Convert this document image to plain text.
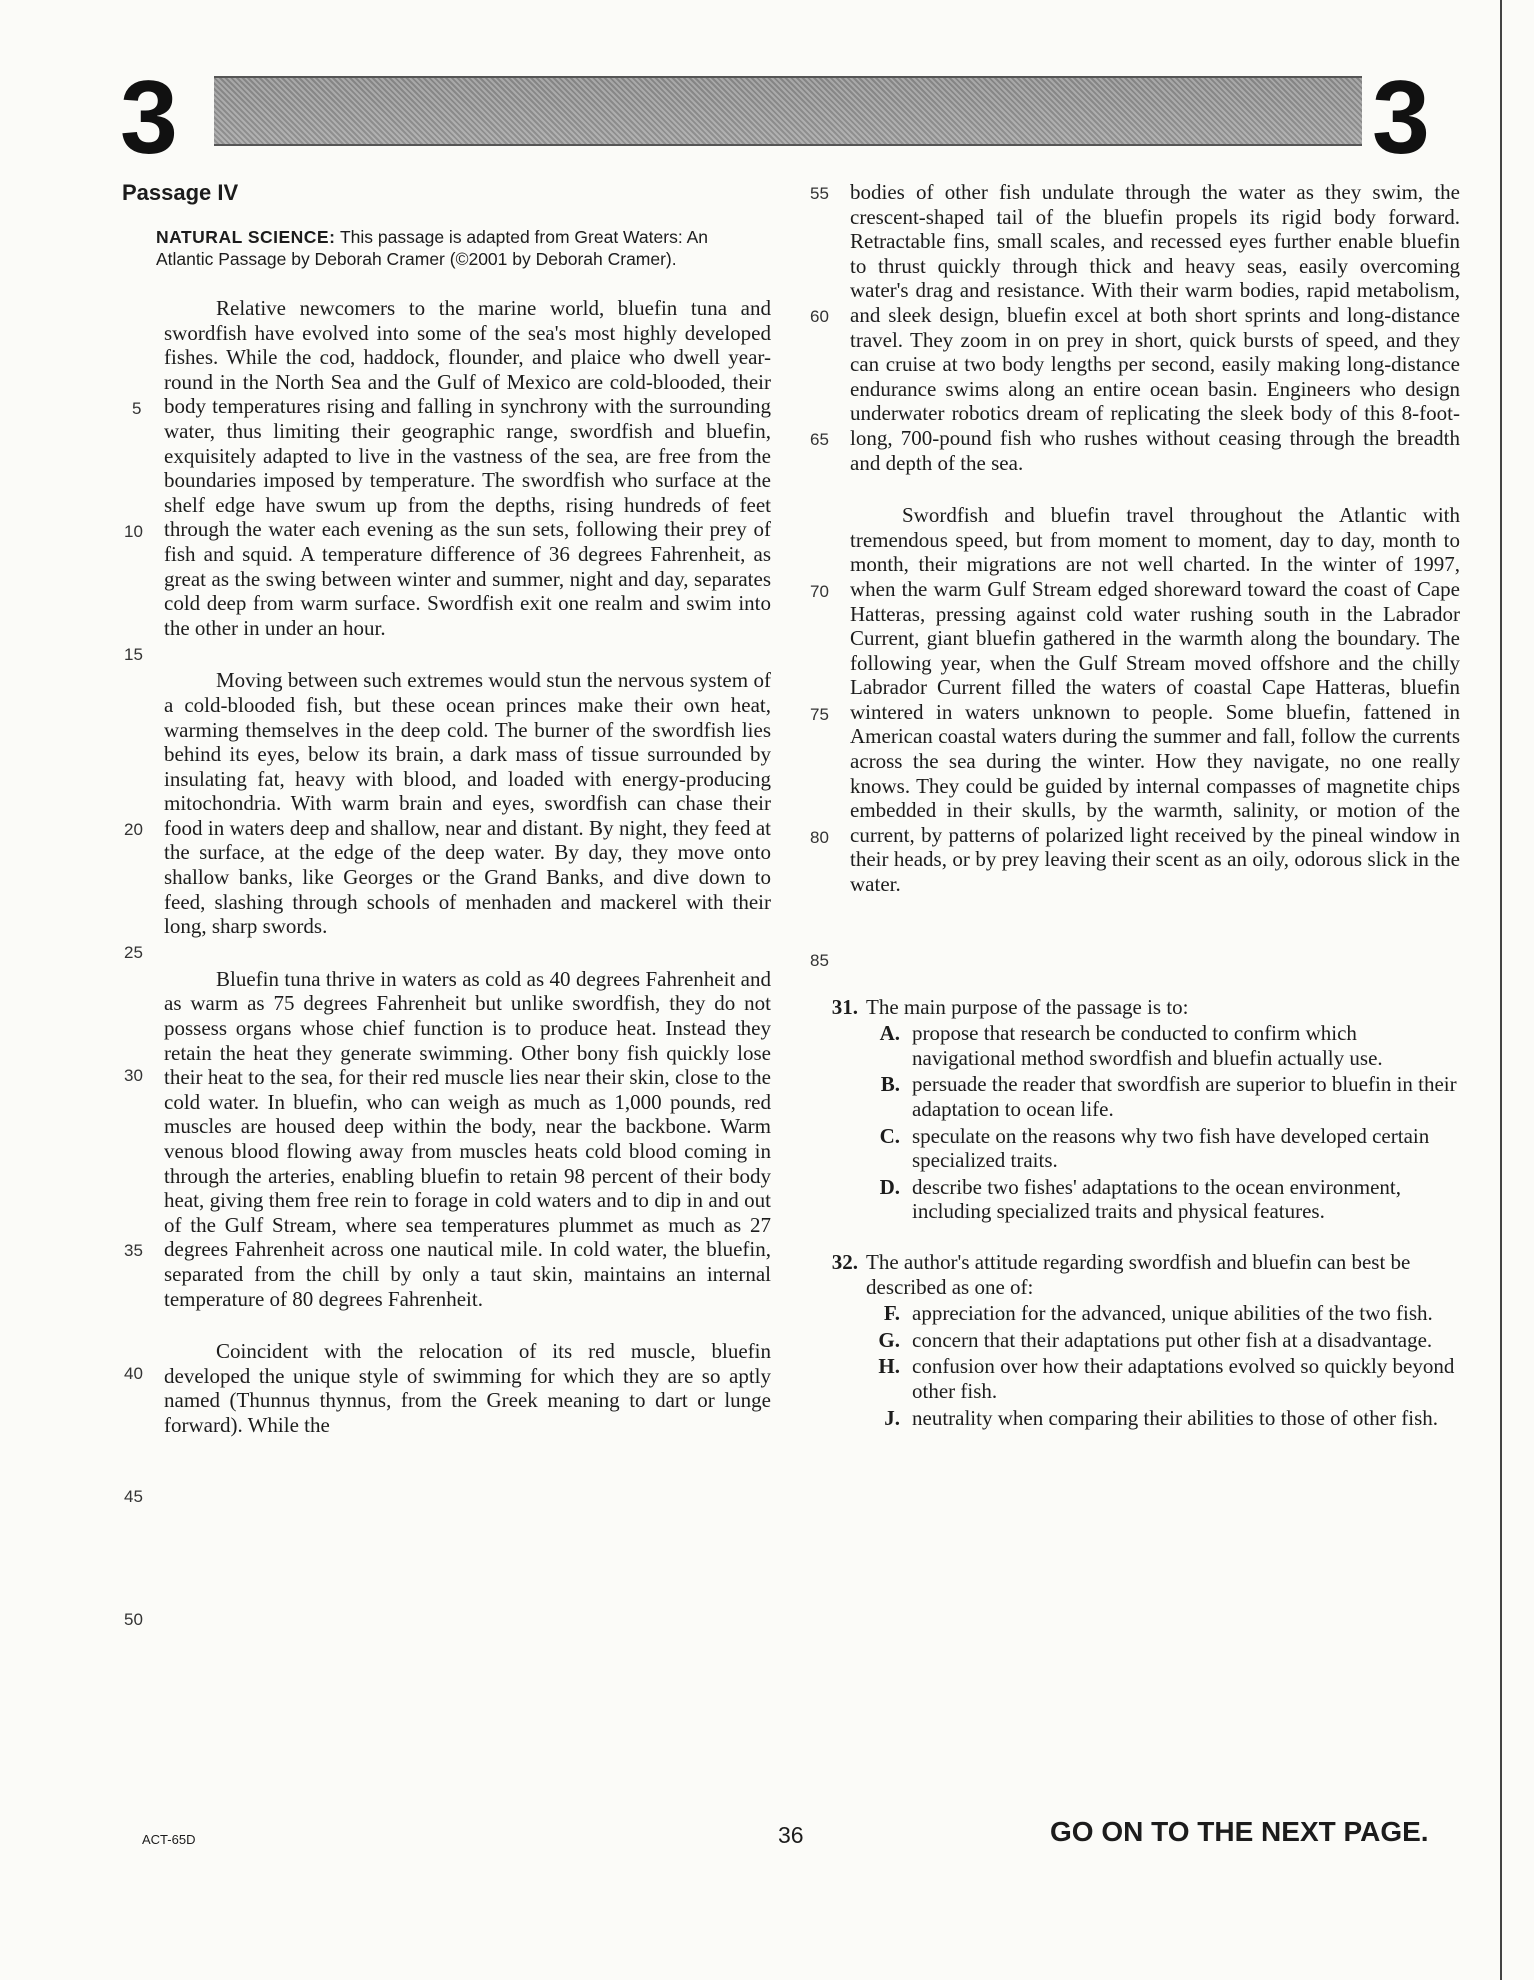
3	3
Passage IV
NATURAL SCIENCE: This passage is adapted from Great Waters: An Atlantic Passage by Deborah Cramer (©2001 by Deborah Cramer).
5
10
15
20
25
30
35
40
45
50

Relative newcomers to the marine world, bluefin tuna and swordfish have evolved into some of the sea's most highly developed fishes. While the cod, haddock, flounder, and plaice who dwell year-round in the North Sea and the Gulf of Mexico are cold-blooded, their body temperatures rising and falling in synchrony with the surrounding water, thus limiting their geographic range, swordfish and bluefin, exquisitely adapted to live in the vastness of the sea, are free from the boundaries imposed by temperature. The swordfish who surface at the shelf edge have swum up from the depths, rising hundreds of feet through the water each evening as the sun sets, following their prey of fish and squid. A temperature difference of 36 degrees Fahrenheit, as great as the swing between winter and summer, night and day, separates cold deep from warm surface. Swordfish exit one realm and swim into the other in under an hour.

Moving between such extremes would stun the nervous system of a cold-blooded fish, but these ocean princes make their own heat, warming themselves in the deep cold. The burner of the swordfish lies behind its eyes, below its brain, a dark mass of tissue surrounded by insulating fat, heavy with blood, and loaded with energy-producing mitochondria. With warm brain and eyes, swordfish can chase their food in waters deep and shallow, near and distant. By night, they feed at the surface, at the edge of the deep water. By day, they move onto shallow banks, like Georges or the Grand Banks, and dive down to feed, slashing through schools of menhaden and mackerel with their long, sharp swords.

Bluefin tuna thrive in waters as cold as 40 degrees Fahrenheit and as warm as 75 degrees Fahrenheit but unlike swordfish, they do not possess organs whose chief function is to produce heat. Instead they retain the heat they generate swimming. Other bony fish quickly lose their heat to the sea, for their red muscle lies near their skin, close to the cold water. In bluefin, who can weigh as much as 1,000 pounds, red muscles are housed deep within the body, near the backbone. Warm venous blood flowing away from muscles heats cold blood coming in through the arteries, enabling bluefin to retain 98 percent of their body heat, giving them free rein to forage in cold waters and to dip in and out of the Gulf Stream, where sea temperatures plummet as much as 27 degrees Fahrenheit across one nautical mile. In cold water, the bluefin, separated from the chill by only a taut skin, maintains an internal temperature of 80 degrees Fahrenheit.

Coincident with the relocation of its red muscle, bluefin developed the unique style of swimming for which they are so aptly named (Thunnus thynnus, from the Greek meaning to dart or lunge forward). While the

55
60
65
70
75
80
85

bodies of other fish undulate through the water as they swim, the crescent-shaped tail of the bluefin propels its rigid body forward. Retractable fins, small scales, and recessed eyes further enable bluefin to thrust quickly through thick and heavy seas, easily overcoming water's drag and resistance. With their warm bodies, rapid metabolism, and sleek design, bluefin excel at both short sprints and long-distance travel. They zoom in on prey in short, quick bursts of speed, and they can cruise at two body lengths per second, easily making long-distance endurance swims along an entire ocean basin. Engineers who design underwater robotics dream of replicating the sleek body of this 8-foot-long, 700-pound fish who rushes without ceasing through the breadth and depth of the sea.

Swordfish and bluefin travel throughout the Atlantic with tremendous speed, but from moment to moment, day to day, month to month, their migrations are not well charted. In the winter of 1997, when the warm Gulf Stream edged shoreward toward the coast of Cape Hatteras, pressing against cold water rushing south in the Labrador Current, giant bluefin gathered in the warmth along the boundary. The following year, when the Gulf Stream moved offshore and the chilly Labrador Current filled the waters of coastal Cape Hatteras, bluefin wintered in waters unknown to people. Some bluefin, fattened in American coastal waters during the summer and fall, follow the currents across the sea during the winter. How they navigate, no one really knows. They could be guided by internal compasses of magnetite chips embedded in their skulls, by the warmth, salinity, or motion of the current, by patterns of polarized light received by the pineal window in their heads, or by prey leaving their scent as an oily, odorous slick in the water.

31. The main purpose of the passage is to:
A. propose that research be conducted to confirm which navigational method swordfish and bluefin actually use.
B. persuade the reader that swordfish are superior to bluefin in their adaptation to ocean life.
C. speculate on the reasons why two fish have developed certain specialized traits.
D. describe two fishes' adaptations to the ocean environment, including specialized traits and physical features.
32. The author's attitude regarding swordfish and bluefin can best be described as one of:
F. appreciation for the advanced, unique abilities of the two fish.
G. concern that their adaptations put other fish at a disadvantage.
H. confusion over how their adaptations evolved so quickly beyond other fish.
J. neutrality when comparing their abilities to those of other fish.
ACT-65D	36	GO ON TO THE NEXT PAGE.
